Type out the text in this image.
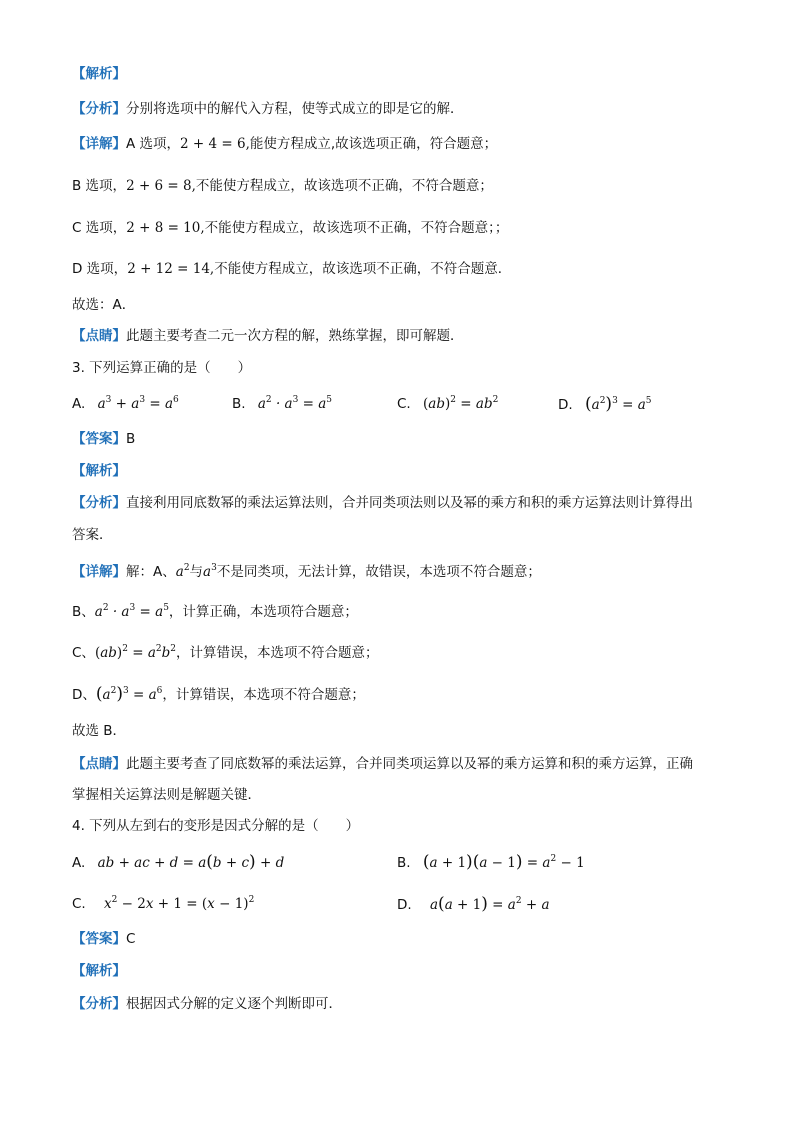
【解析】
【分析】分别将选项中的解代入方程，使等式成立的即是它的解．
【详解】A 选项，2 + 4 = 6,能使方程成立,故该选项正确，符合题意；
B 选项，2 + 6 = 8,不能使方程成立，故该选项不正确，不符合题意；
C 选项，2 + 8 = 10,不能使方程成立，故该选项不正确，不符合题意；；
D 选项，2 + 12 = 14,不能使方程成立，故该选项不正确，不符合题意．
故选：A．
【点睛】此题主要考查二元一次方程的解，熟练掌握，即可解题．
3. 下列运算正确的是（　　）
A. $a^3 + a^3 = a^6$	B. $a^2 \cdot a^3 = a^5$	C. $(ab)^2 = ab^2$	D. $(a^2)^3 = a^5$
【答案】B
【解析】
【分析】直接利用同底数幂的乘法运算法则，合并同类项法则以及幂的乘方和积的乘方运算法则计算得出
答案．
【详解】解：A、$a^2$与$a^3$不是同类项，无法计算，故错误，本选项不符合题意；
B、$a^2 \cdot a^3 = a^5$，计算正确，本选项符合题意；
C、$(ab)^2 = a^2b^2$，计算错误，本选项不符合题意；
D、$(a^2)^3 = a^6$，计算错误，本选项不符合题意；
故选 B．
【点睛】此题主要考查了同底数幂的乘法运算，合并同类项运算以及幂的乘方运算和积的乘方运算，正确
掌握相关运算法则是解题关键．
4. 下列从左到右的变形是因式分解的是（　　）
A. ab + ac + d = a(b + c) + d	B. $(a + 1)(a - 1) = a^2 - 1$
C. $x^2 - 2x + 1 = (x - 1)^2$	D. $a(a + 1) = a^2 + a$
【答案】C
【解析】
【分析】根据因式分解的定义逐个判断即可．
